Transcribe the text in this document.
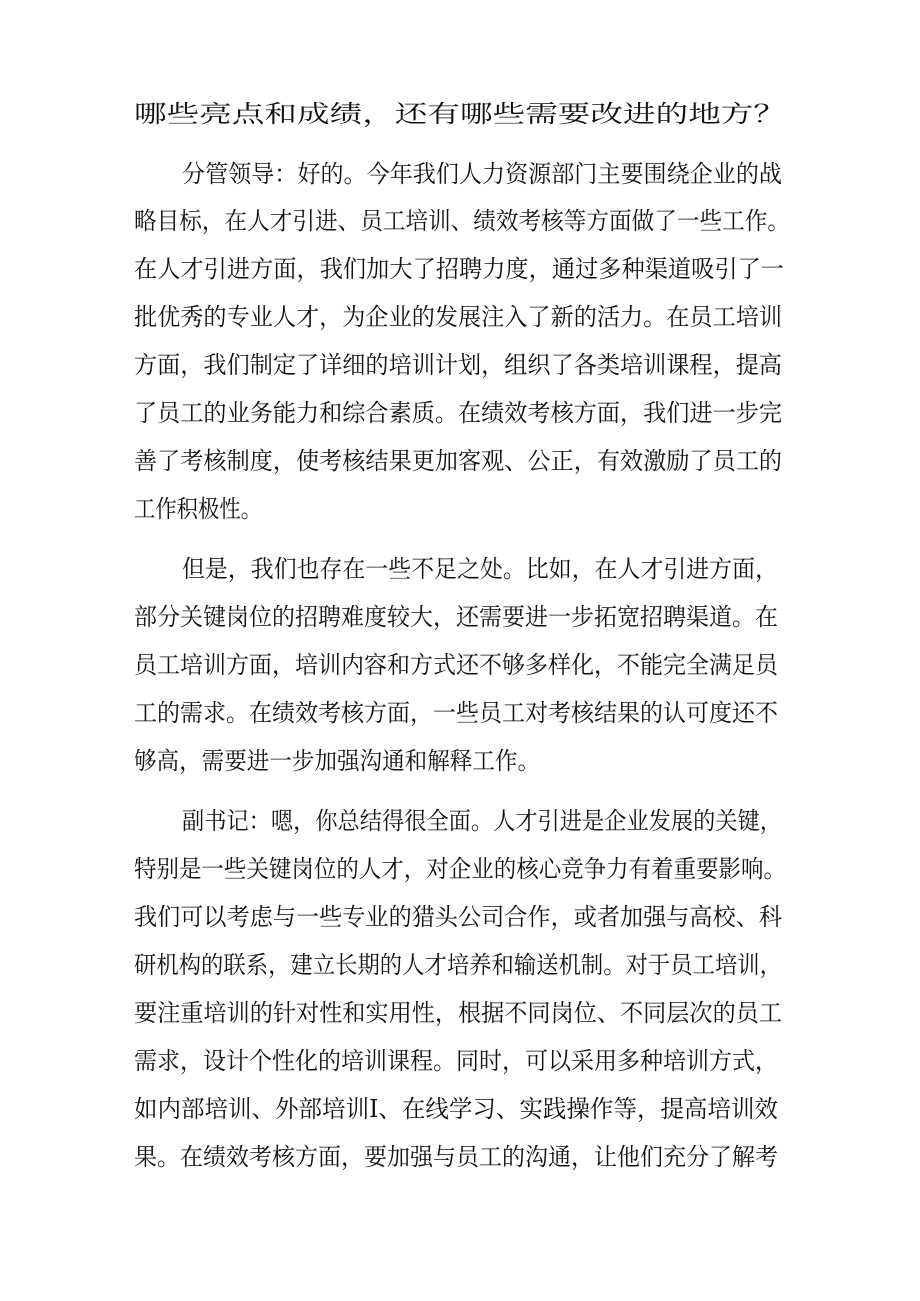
哪些亮点和成绩，还有哪些需要改进的地方？
分管领导：好的。今年我们人力资源部门主要围绕企业的战
略目标，在人才引进、员工培训、绩效考核等方面做了一些工作。
在人才引进方面，我们加大了招聘力度，通过多种渠道吸引了一
批优秀的专业人才，为企业的发展注入了新的活力。在员工培训
方面，我们制定了详细的培训计划，组织了各类培训课程，提高
了员工的业务能力和综合素质。在绩效考核方面，我们进一步完
善了考核制度，使考核结果更加客观、公正，有效激励了员工的
工作积极性。
但是，我们也存在一些不足之处。比如，在人才引进方面，
部分关键岗位的招聘难度较大，还需要进一步拓宽招聘渠道。在
员工培训方面，培训内容和方式还不够多样化，不能完全满足员
工的需求。在绩效考核方面，一些员工对考核结果的认可度还不
够高，需要进一步加强沟通和解释工作。
副书记：嗯，你总结得很全面。人才引进是企业发展的关键，
特别是一些关键岗位的人才，对企业的核心竞争力有着重要影响。
我们可以考虑与一些专业的猎头公司合作，或者加强与高校、科
研机构的联系，建立长期的人才培养和输送机制。对于员工培训，
要注重培训的针对性和实用性，根据不同岗位、不同层次的员工
需求，设计个性化的培训课程。同时，可以采用多种培训方式，
如内部培训、外部培训I、在线学习、实践操作等，提高培训效
果。在绩效考核方面，要加强与员工的沟通，让他们充分了解考
